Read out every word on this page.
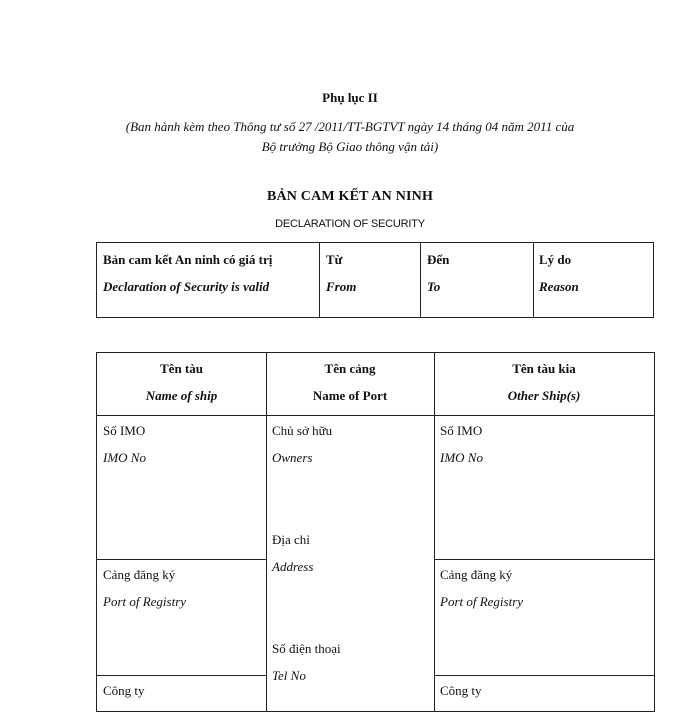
Phụ lục II
(Ban hành kèm theo Thông tư số 27 /2011/TT-BGTVT ngày 14 tháng 04 năm 2011 của
Bộ trưởng Bộ Giao thông vận tải)
BẢN CAM KẾT AN NINH
DECLARATION OF SECURITY
Bản cam kết An ninh có giá trị
Declaration of Security is valid
Từ
From
Đến
To
Lý do
Reason
Tên tàu
Name of ship
Tên cảng
Name of Port
Tên tàu kia
Other Ship(s)
Số IMO
IMO No
Cảng đăng ký
Port of Registry
Công ty
Chủ sở hữu
Owners
Địa chỉ
Address
Số điện thoại
Tel No
Số IMO
IMO No
Cảng đăng ký
Port of Registry
Công ty
